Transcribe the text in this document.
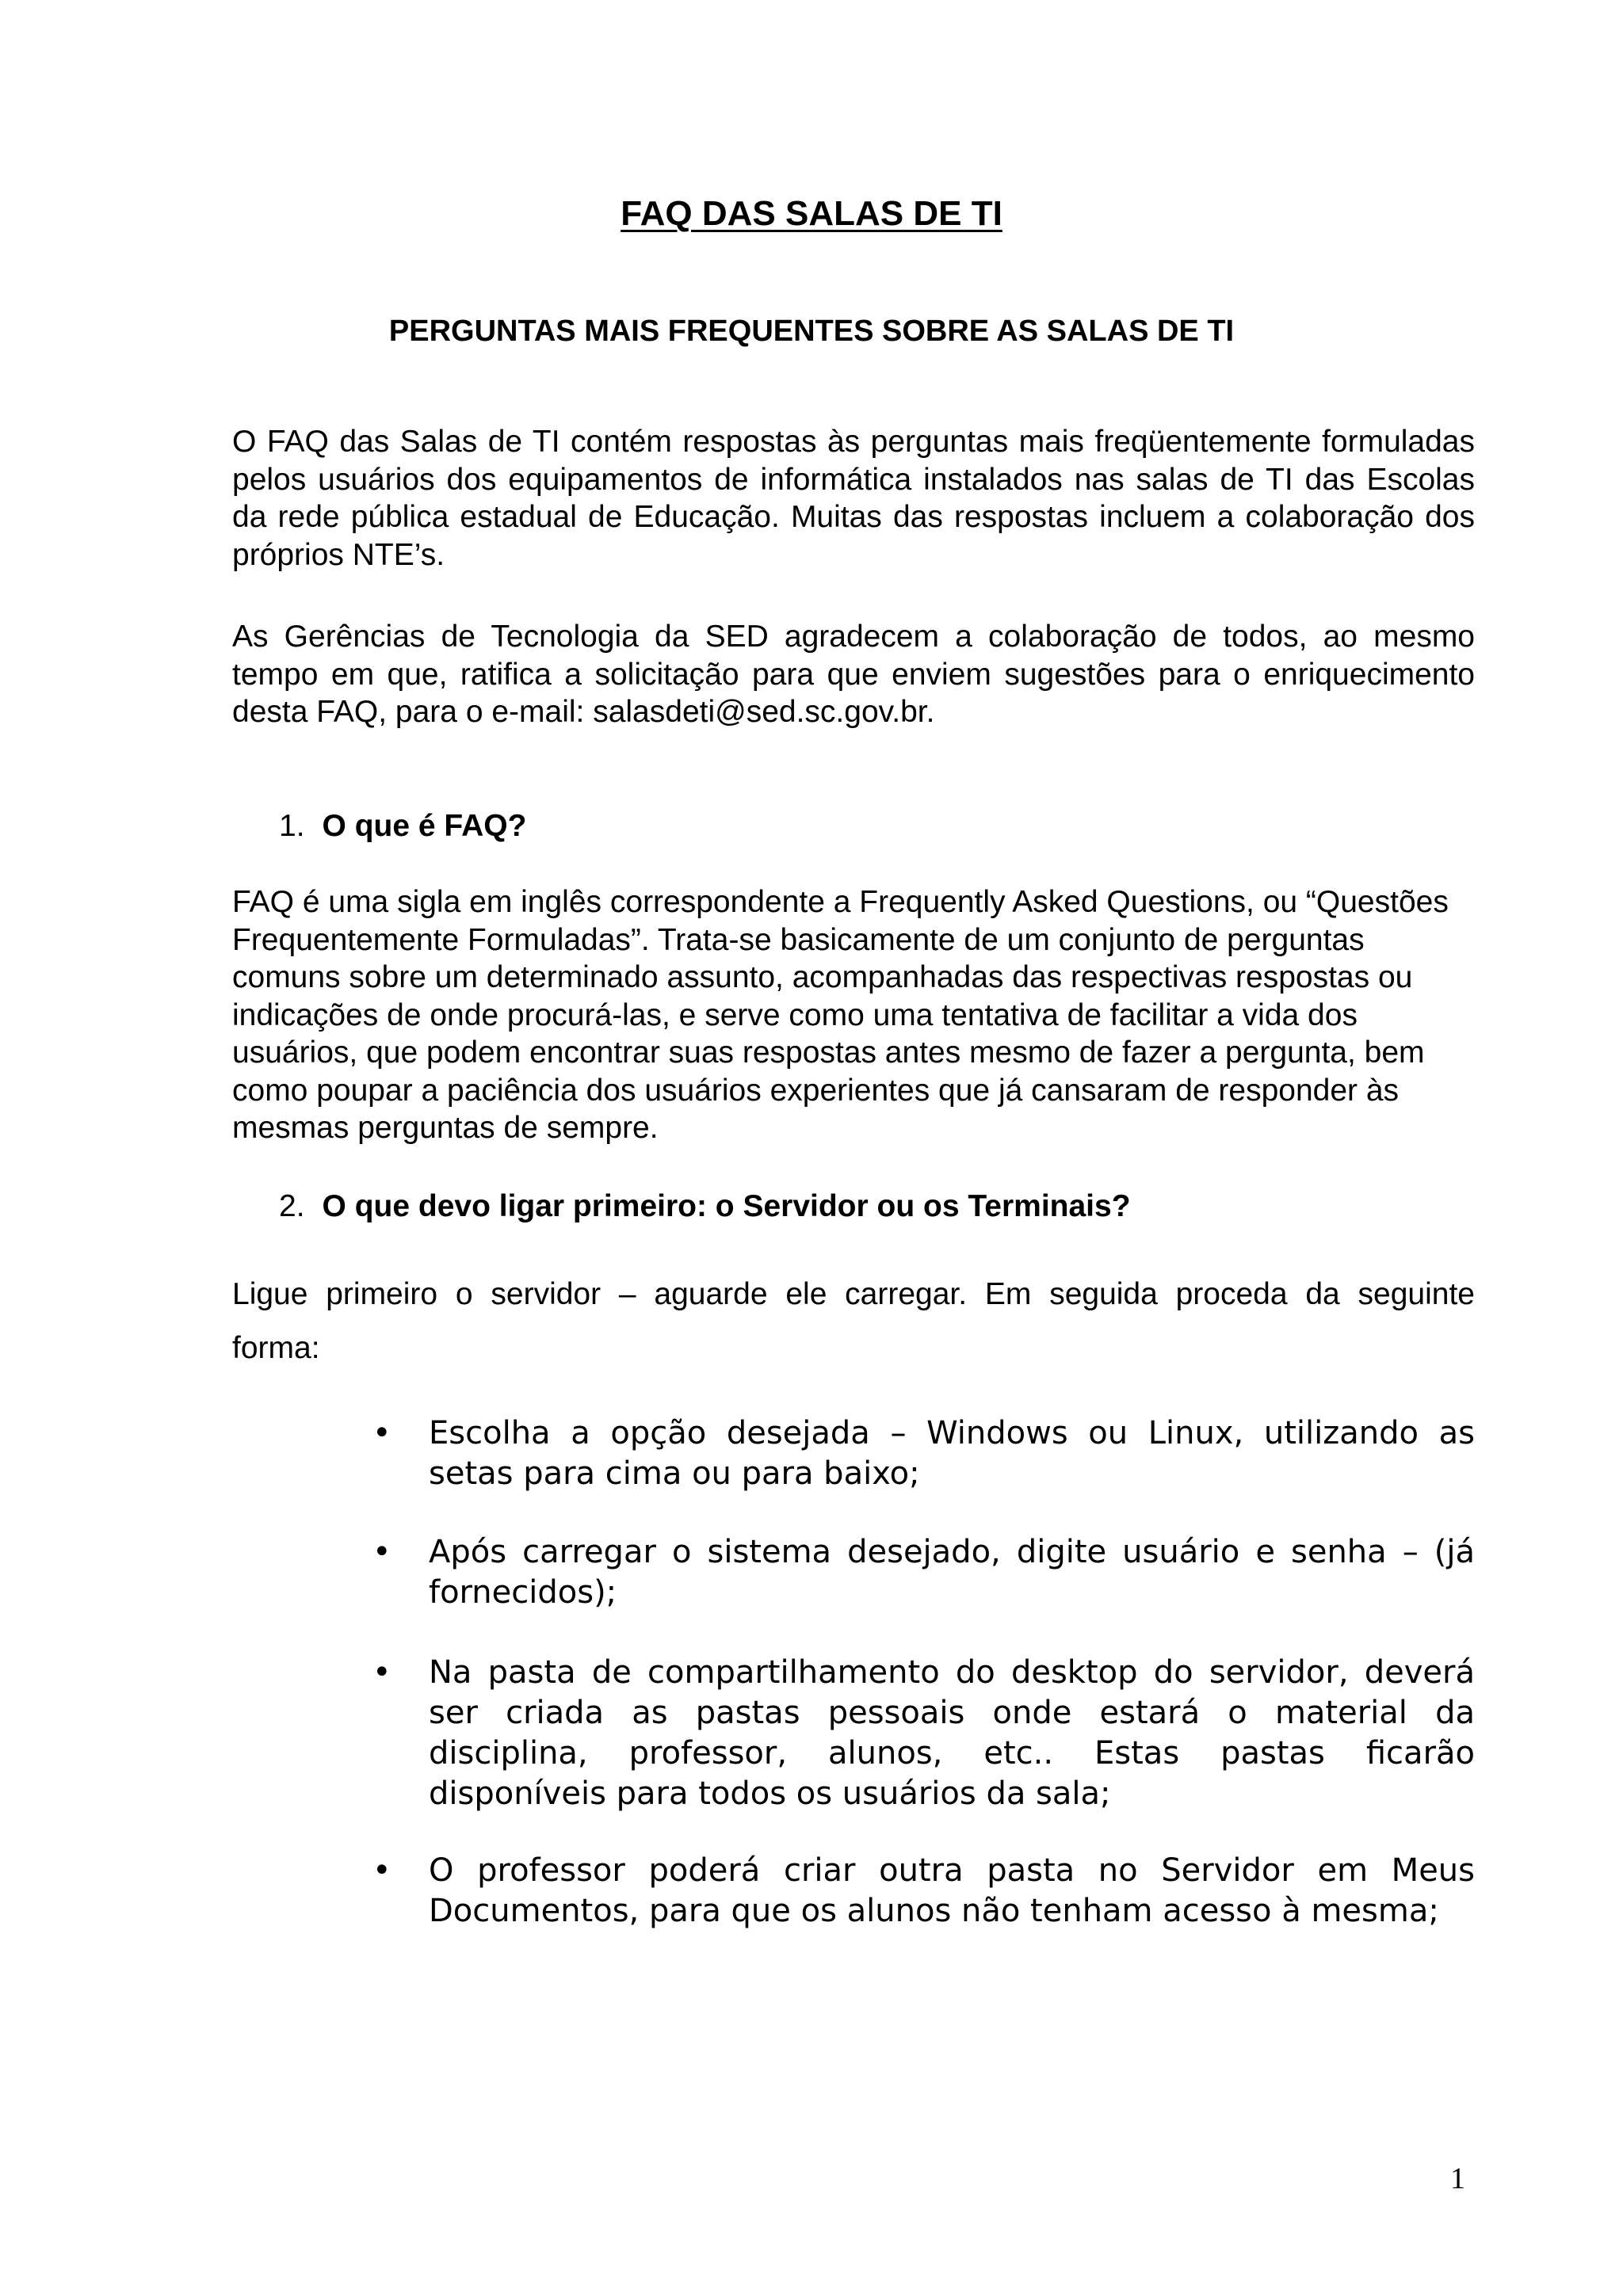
FAQ DAS SALAS DE TI
PERGUNTAS MAIS FREQUENTES SOBRE AS SALAS DE TI

O FAQ das Salas de TI contém respostas às perguntas mais freqüentemente formuladas pelos usuários dos equipamentos de informática instalados nas salas de TI das Escolas da rede pública estadual de Educação. Muitas das respostas incluem a colaboração dos próprios NTE’s.

As Gerências de Tecnologia da SED agradecem a colaboração de todos, ao mesmo tempo em que, ratifica a solicitação para que enviem sugestões para o enriquecimento desta FAQ, para o e-mail: salasdeti@sed.sc.gov.br.

1. O que é FAQ?

FAQ é uma sigla em inglês correspondente a Frequently Asked Questions, ou “Questões Frequentemente Formuladas”. Trata-se basicamente de um conjunto de perguntas comuns sobre um determinado assunto, acompanhadas das respectivas respostas ou indicações de onde procurá-las, e serve como uma tentativa de facilitar a vida dos usuários, que podem encontrar suas respostas antes mesmo de fazer a pergunta, bem como poupar a paciência dos usuários experientes que já cansaram de responder às mesmas perguntas de sempre.

2. O que devo ligar primeiro: o Servidor ou os Terminais?

Ligue primeiro o servidor – aguarde ele carregar. Em seguida proceda da seguinte

forma:

• Escolha a opção desejada – Windows ou Linux, utilizando as setas para cima ou para baixo;
• Após carregar o sistema desejado, digite usuário e senha – (já fornecidos);
• Na pasta de compartilhamento do desktop do servidor, deverá ser criada as pastas pessoais onde estará o material da disciplina, professor, alunos, etc.. Estas pastas ficarão disponíveis para todos os usuários da sala;
• O professor poderá criar outra pasta no Servidor em Meus Documentos, para que os alunos não tenham acesso à mesma;
1
